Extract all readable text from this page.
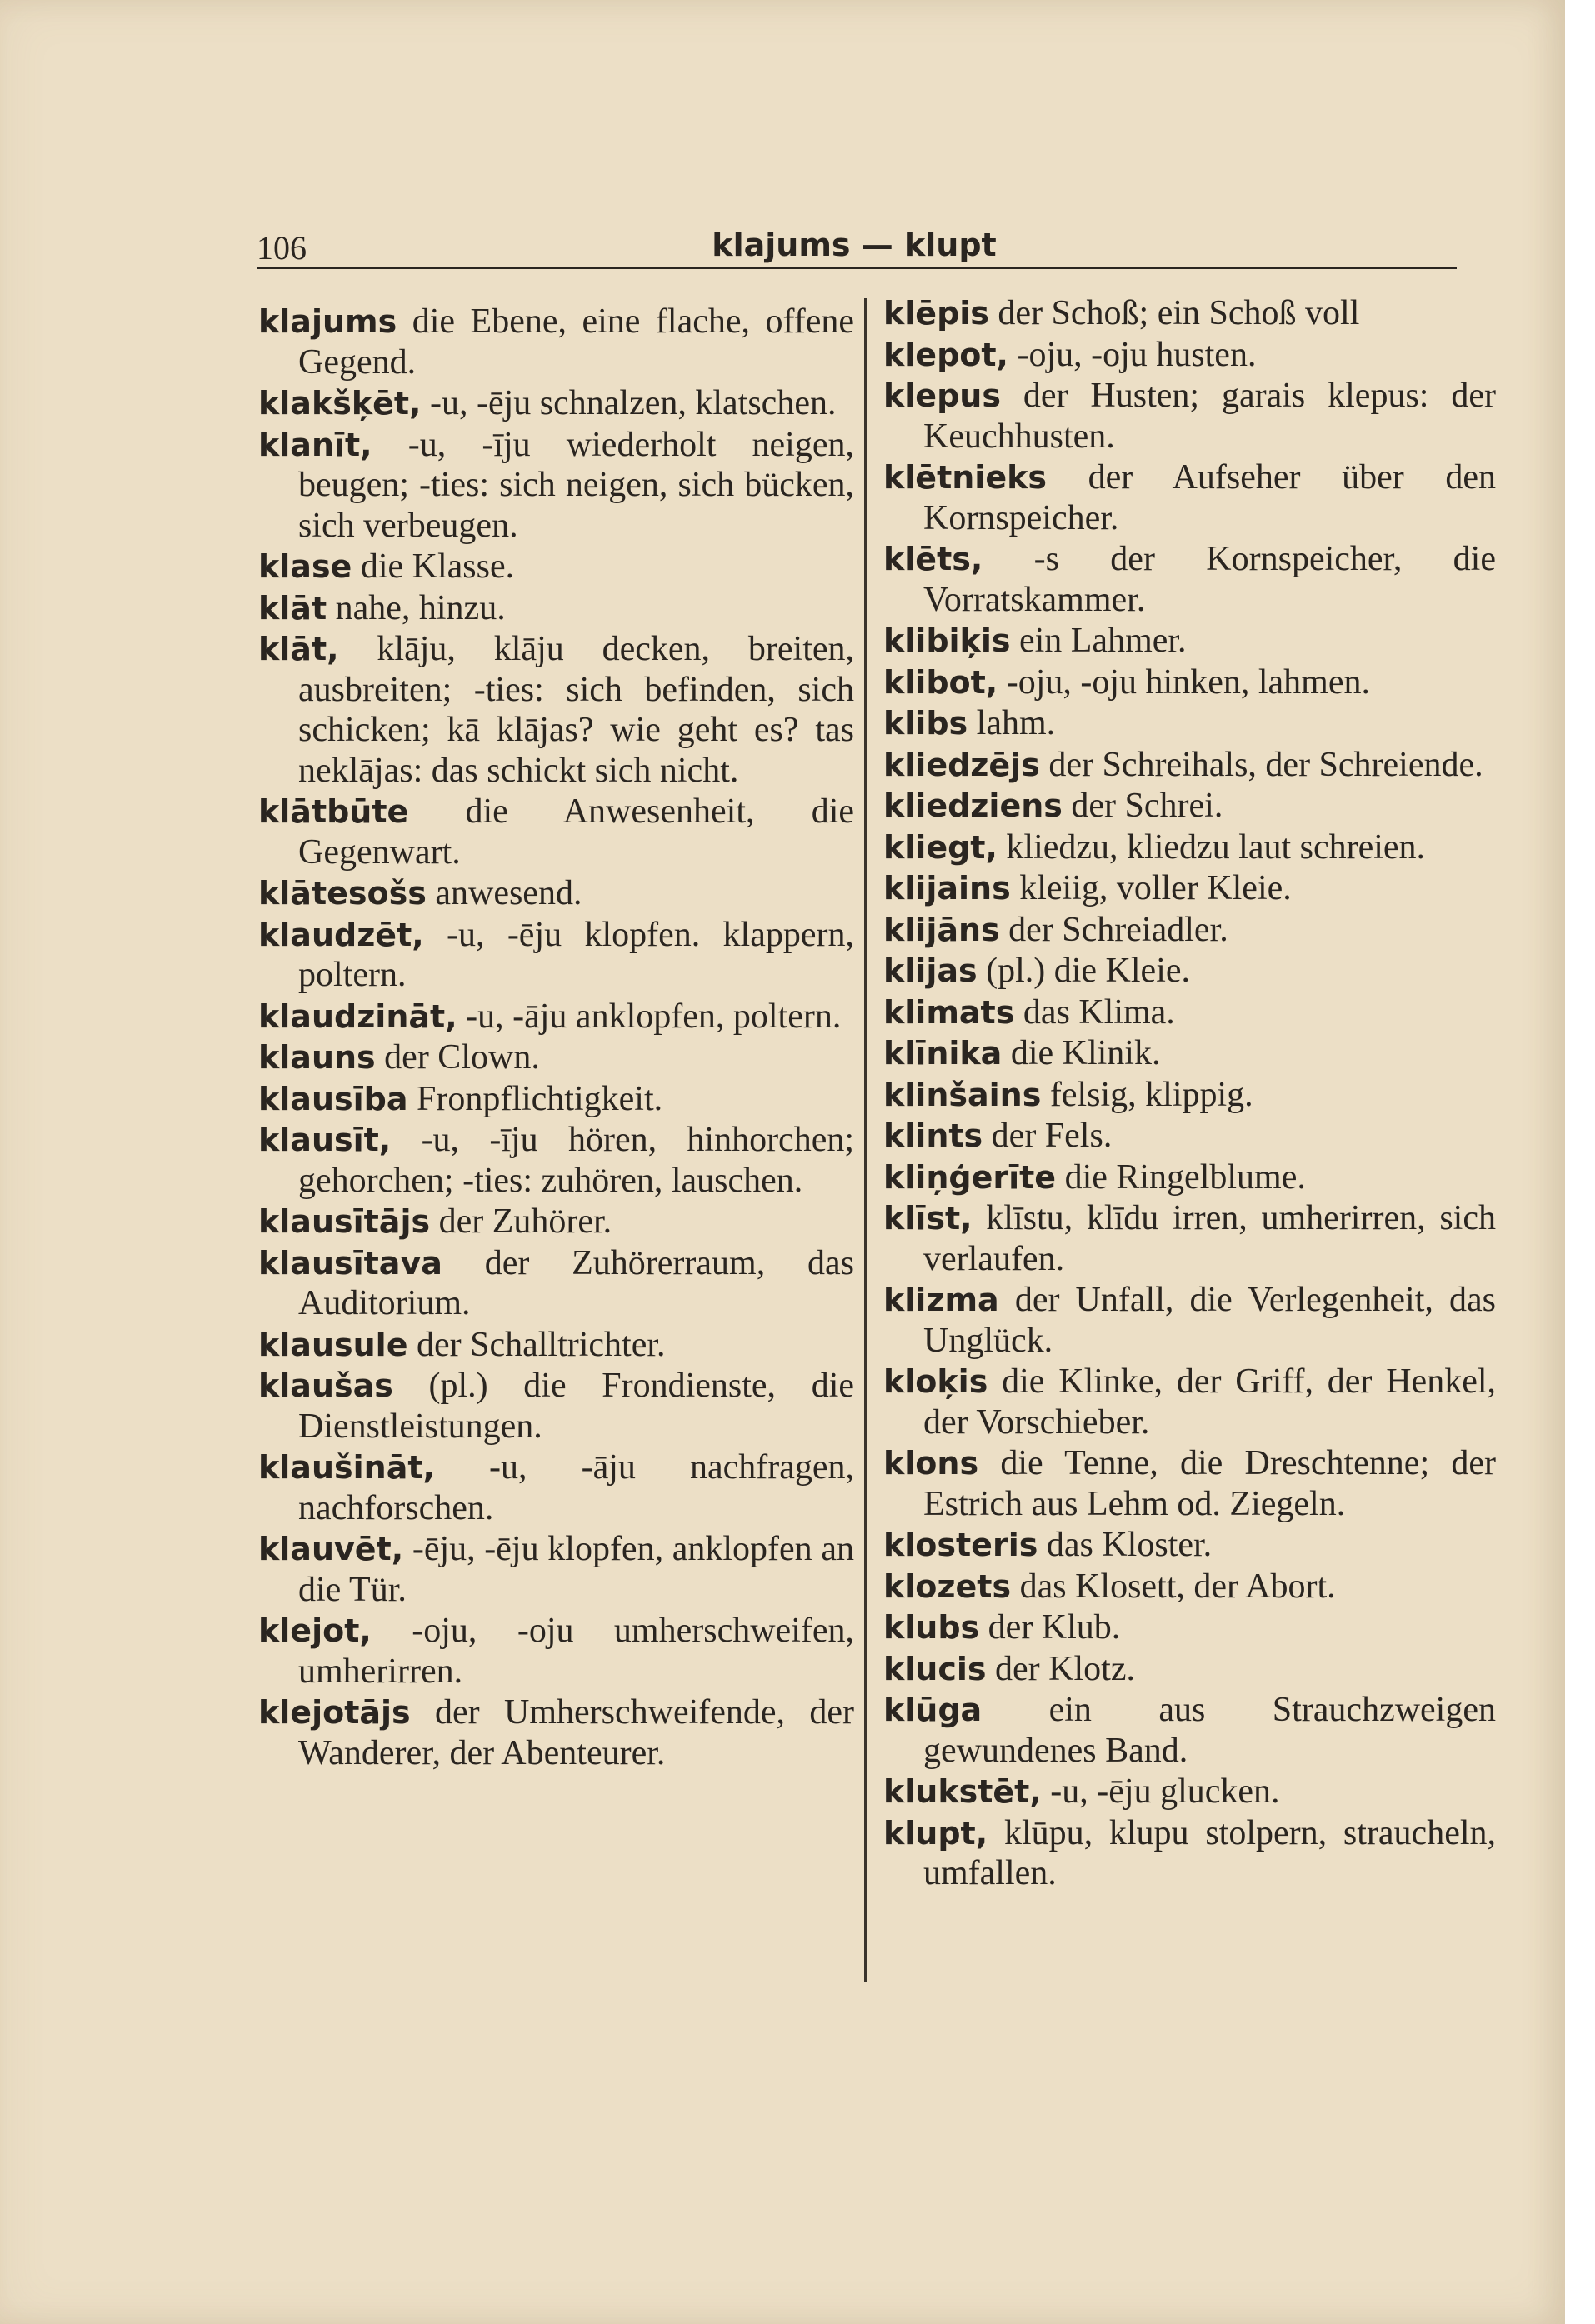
106	klajums — klupt

klajums die Ebene, eine flache, offene Gegend.

klakšķēt, -u, -ēju schnalzen, klatschen.

klanīt, -u, -īju wiederholt neigen, beugen; -ties: sich neigen, sich bücken, sich verbeugen.

klase die Klasse.

klāt nahe, hinzu.

klāt, klāju, klāju decken, breiten, ausbreiten; -ties: sich befinden, sich schicken; kā klājas? wie geht es? tas neklājas: das schickt sich nicht.

klātbūte die Anwesenheit, die Gegenwart.

klātesošs anwesend.

klaudzēt, -u, -ēju klopfen. klappern, poltern.

klaudzināt, -u, -āju anklopfen, poltern.

klauns der Clown.

klausība Fronpflichtigkeit.

klausīt, -u, -īju hören, hinhorchen; gehorchen; -ties: zuhören, lauschen.

klausītājs der Zuhörer.

klausītava der Zuhörerraum, das Auditorium.

klausule der Schalltrichter.

klaušas (pl.) die Frondienste, die Dienstleistungen.

klaušināt, -u, -āju nachfragen, nachforschen.

klauvēt, -ēju, -ēju klopfen, anklopfen an die Tür.

klejot, -oju, -oju umherschweifen, umherirren.

klejotājs der Umherschweifende, der Wanderer, der Abenteurer.

klēpis der Schoß; ein Schoß voll

klepot, -oju, -oju husten.

klepus der Husten; garais klepus: der Keuchhusten.

klētnieks der Aufseher über den Kornspeicher.

klēts, -s der Kornspeicher, die Vorratskammer.

klibiķis ein Lahmer.

klibot, -oju, -oju hinken, lahmen.

klibs lahm.

kliedzējs der Schreihals, der Schreiende.

kliedziens der Schrei.

kliegt, kliedzu, kliedzu laut schreien.

klijains kleiig, voller Kleie.

klijāns der Schreiadler.

klijas (pl.) die Kleie.

klimats das Klima.

klīnika die Klinik.

klinšains felsig, klippig.

klints der Fels.

kliņģerīte die Ringelblume.

klīst, klīstu, klīdu irren, umherirren, sich verlaufen.

klizma der Unfall, die Verlegenheit, das Unglück.

kloķis die Klinke, der Griff, der Henkel, der Vorschieber.

klons die Tenne, die Dreschtenne; der Estrich aus Lehm od. Ziegeln.

klosteris das Kloster.

klozets das Klosett, der Abort.

klubs der Klub.

klucis der Klotz.

klūga ein aus Strauchzweigen gewundenes Band.

klukstēt, -u, -ēju glucken.

klupt, klūpu, klupu stolpern, straucheln, umfallen.
